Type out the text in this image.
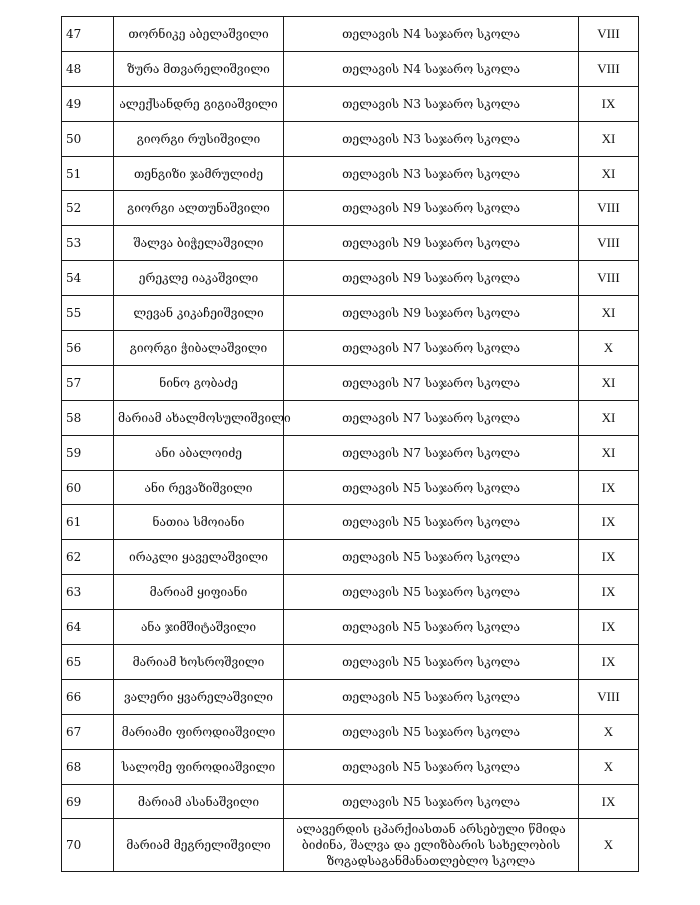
47	თორნიკე აბელაშვილი	თელავის N4 საჯარო სკოლა	VIII
48	ზურა მთვარელიშვილი	თელავის N4 საჯარო სკოლა	VIII
49	ალექსანდრე გიგიაშვილი	თელავის N3 საჯარო სკოლა	IX
50	გიორგი რუსიშვილი	თელავის N3 საჯარო სკოლა	XI
51	თენგიზი ჯამრულიძე	თელავის N3 საჯარო სკოლა	XI
52	გიორგი ალთუნაშვილი	თელავის N9 საჯარო სკოლა	VIII
53	შალვა ბიჭელაშვილი	თელავის N9 საჯარო სკოლა	VIII
54	ერეკლე იაკაშვილი	თელავის N9 საჯარო სკოლა	VIII
55	ლევან კიკაჩეიშვილი	თელავის N9 საჯარო სკოლა	XI
56	გიორგი ჭიბალაშვილი	თელავის N7 საჯარო სკოლა	X
57	ნინო გობაძე	თელავის N7 საჯარო სკოლა	XI
58	მარიამ ახალმოსულიშვილი	თელავის N7 საჯარო სკოლა	XI
59	ანი აბალოიძე	თელავის N7 საჯარო სკოლა	XI
60	ანი რევაზიშვილი	თელავის N5 საჯარო სკოლა	IX
61	ნათია სმოიანი	თელავის N5 საჯარო სკოლა	IX
62	ირაკლი ყაველაშვილი	თელავის N5 საჯარო სკოლა	IX
63	მარიამ ყიფიანი	თელავის N5 საჯარო სკოლა	IX
64	ანა ჯიმშიტაშვილი	თელავის N5 საჯარო სკოლა	IX
65	მარიამ ხოსროშვილი	თელავის N5 საჯარო სკოლა	IX
66	ვალერი ყვარელაშვილი	თელავის N5 საჯარო სკოლა	VIII
67	მარიამი ფიროდიაშვილი	თელავის N5 საჯარო სკოლა	X
68	სალომე ფიროდიაშვილი	თელავის N5 საჯარო სკოლა	X
69	მარიამ ასანაშვილი	თელავის N5 საჯარო სკოლა	IX
70	მარიამ მეგრელიშვილი	ალავერდის ცპარქიასთან არსებული წმიდა ბიძინა, შალვა და ელიზბარის სახელობის ზოგადსაგანმანათლებლო სკოლა	X
